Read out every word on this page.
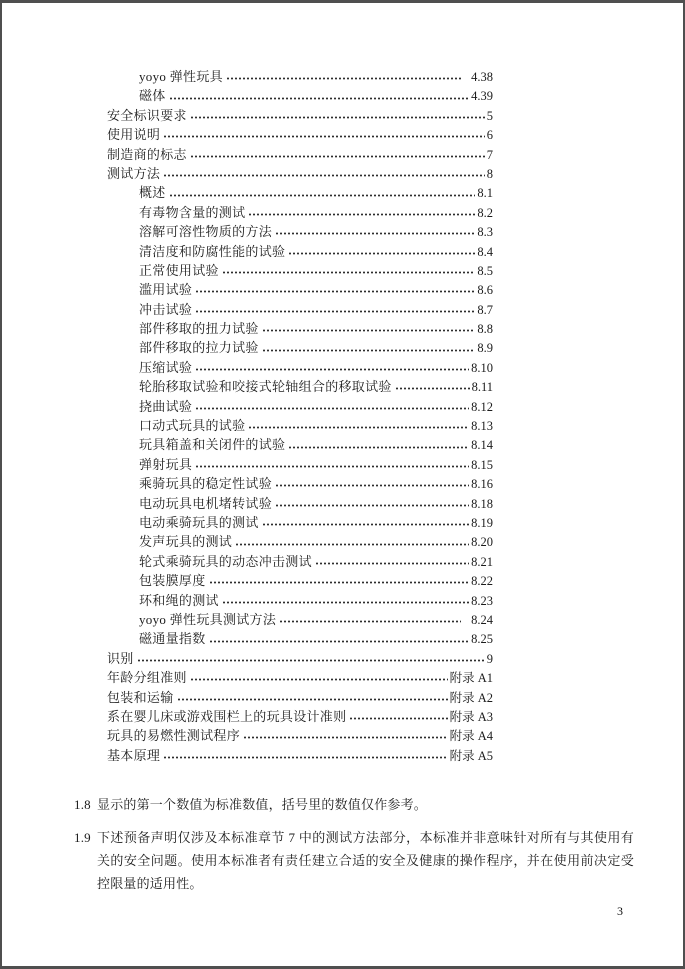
yoyo 弹性玩具	4.38
磁体	4.39
安全标识要求	5
使用说明	6
制造商的标志	7
测试方法	8
概述	8.1
有毒物含量的测试	8.2
溶解可溶性物质的方法	8.3
清洁度和防腐性能的试验	8.4
正常使用试验	8.5
滥用试验	8.6
冲击试验	8.7
部件移取的扭力试验	8.8
部件移取的拉力试验	8.9
压缩试验	8.10
轮胎移取试验和咬接式轮轴组合的移取试验	8.11
挠曲试验	8.12
口动式玩具的试验	8.13
玩具箱盖和关闭件的试验	8.14
弹射玩具	8.15
乘骑玩具的稳定性试验	8.16
电动玩具电机堵转试验	8.18
电动乘骑玩具的测试	8.19
发声玩具的测试	8.20
轮式乘骑玩具的动态冲击测试	8.21
包装膜厚度	8.22
环和绳的测试	8.23
yoyo 弹性玩具测试方法	8.24
磁通量指数	8.25
识别	9
年龄分组准则	附录 A1
包装和运输	附录 A2
系在婴儿床或游戏围栏上的玩具设计准则	附录 A3
玩具的易燃性测试程序	附录 A4
基本原理	附录 A5
1.8 显示的第一个数值为标准数值，括号里的数值仅作参考。
1.9 下述预备声明仅涉及本标准章节 7 中的测试方法部分，本标准并非意味针对所有与其使用有关的安全问题。使用本标准者有责任建立合适的安全及健康的操作程序，并在使用前决定受控限量的适用性。
3
